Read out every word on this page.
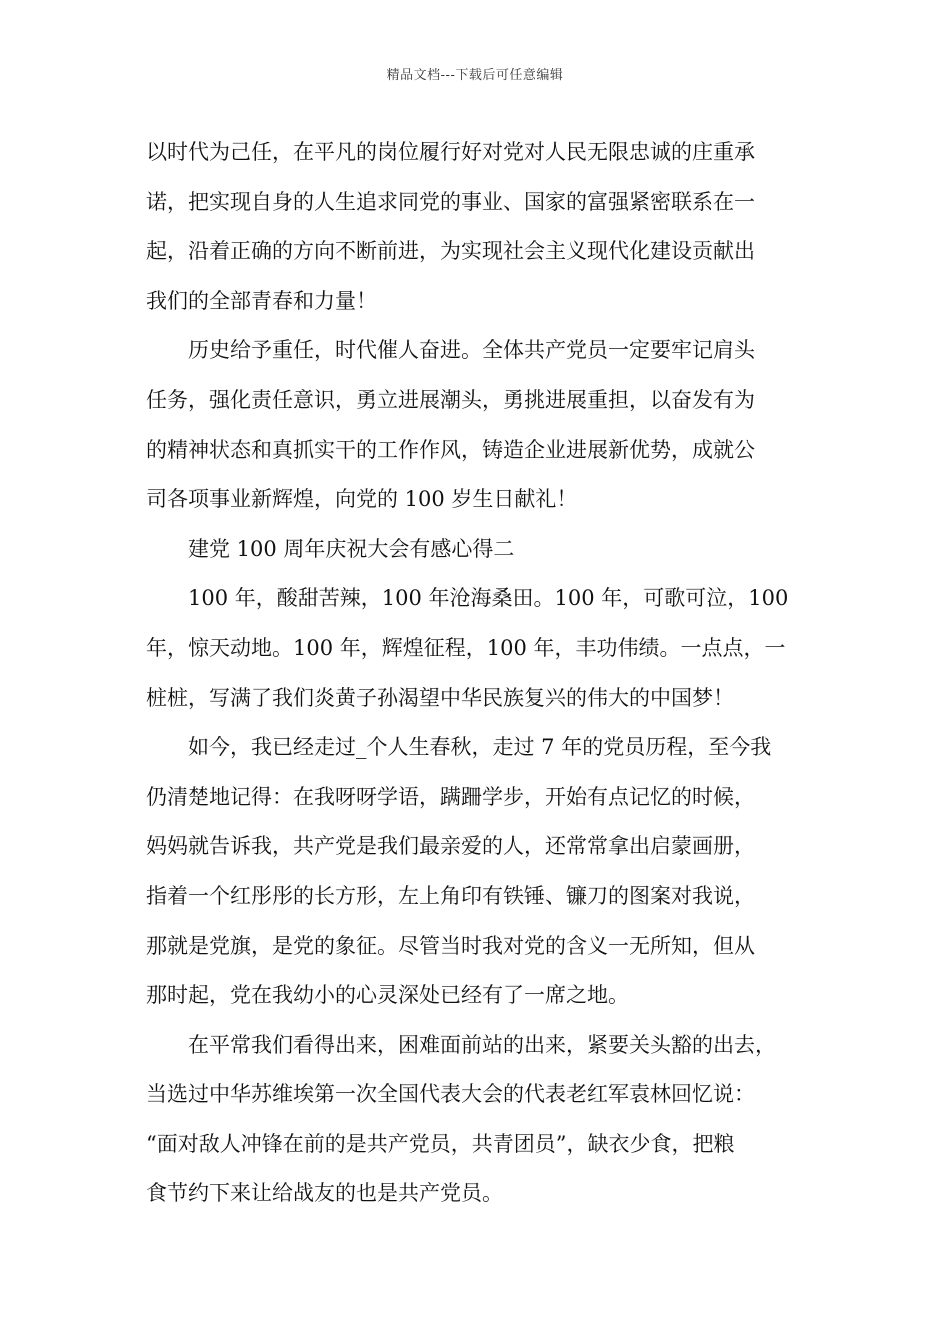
精品文档---下载后可任意编辑

以时代为己任，在平凡的岗位履行好对党对人民无限忠诚的庄重承
诺，把实现自身的人生追求同党的事业、国家的富强紧密联系在一
起，沿着正确的方向不断前进，为实现社会主义现代化建设贡献出
我们的全部青春和力量！

历史给予重任，时代催人奋进。全体共产党员一定要牢记肩头
任务，强化责任意识，勇立进展潮头，勇挑进展重担，以奋发有为
的精神状态和真抓实干的工作作风，铸造企业进展新优势，成就公
司各项事业新辉煌，向党的 100 岁生日献礼！

建党 100 周年庆祝大会有感心得二

100 年，酸甜苦辣，100 年沧海桑田。100 年，可歌可泣，100
年，惊天动地。100 年，辉煌征程，100 年，丰功伟绩。一点点，一
桩桩，写满了我们炎黄子孙渴望中华民族复兴的伟大的中国梦！

如今，我已经走过_个人生春秋，走过 7 年的党员历程，至今我
仍清楚地记得：在我呀呀学语，蹒跚学步，开始有点记忆的时候，
妈妈就告诉我，共产党是我们最亲爱的人，还常常拿出启蒙画册，
指着一个红彤彤的长方形，左上角印有铁锤、镰刀的图案对我说，
那就是党旗，是党的象征。尽管当时我对党的含义一无所知，但从
那时起，党在我幼小的心灵深处已经有了一席之地。

在平常我们看得出来，困难面前站的出来，紧要关头豁的出去，
当选过中华苏维埃第一次全国代表大会的代表老红军袁林回忆说：
“面对敌人冲锋在前的是共产党员，共青团员”，缺衣少食，把粮
食节约下来让给战友的也是共产党员。
